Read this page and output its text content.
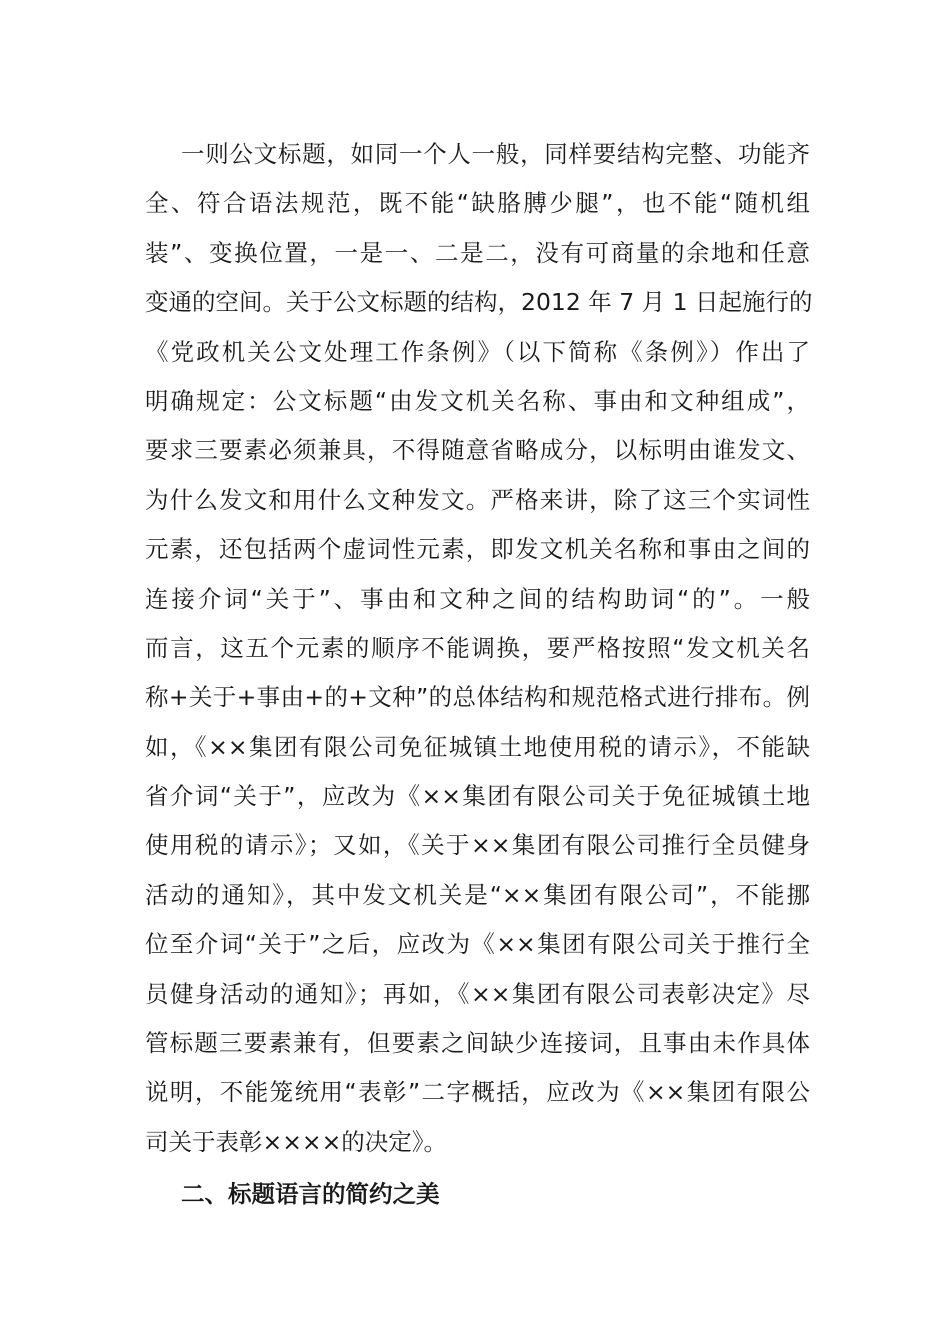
一则公文标题，如同一个人一般，同样要结构完整、功能齐
全、符合语法规范，既不能“缺胳膊少腿”，也不能“随机组
装”、变换位置，一是一、二是二，没有可商量的余地和任意
变通的空间。关于公文标题的结构，2012 年 7 月 1 日起施行的
《党政机关公文处理工作条例》（以下简称《条例》）作出了
明确规定：公文标题“由发文机关名称、事由和文种组成”，
要求三要素必须兼具，不得随意省略成分，以标明由谁发文、
为什么发文和用什么文种发文。严格来讲，除了这三个实词性
元素，还包括两个虚词性元素，即发文机关名称和事由之间的
连接介词“关于”、事由和文种之间的结构助词“的”。一般
而言，这五个元素的顺序不能调换，要严格按照“发文机关名
称+关于+事由+的+文种”的总体结构和规范格式进行排布。例
如，《××集团有限公司免征城镇土地使用税的请示》，不能缺
省介词“关于”，应改为《××集团有限公司关于免征城镇土地
使用税的请示》；又如，《关于××集团有限公司推行全员健身
活动的通知》，其中发文机关是“××集团有限公司”，不能挪
位至介词“关于”之后，应改为《××集团有限公司关于推行全
员健身活动的通知》；再如，《××集团有限公司表彰决定》尽
管标题三要素兼有，但要素之间缺少连接词，且事由未作具体
说明，不能笼统用“表彰”二字概括，应改为《××集团有限公
司关于表彰××××的决定》。
二、标题语言的简约之美
